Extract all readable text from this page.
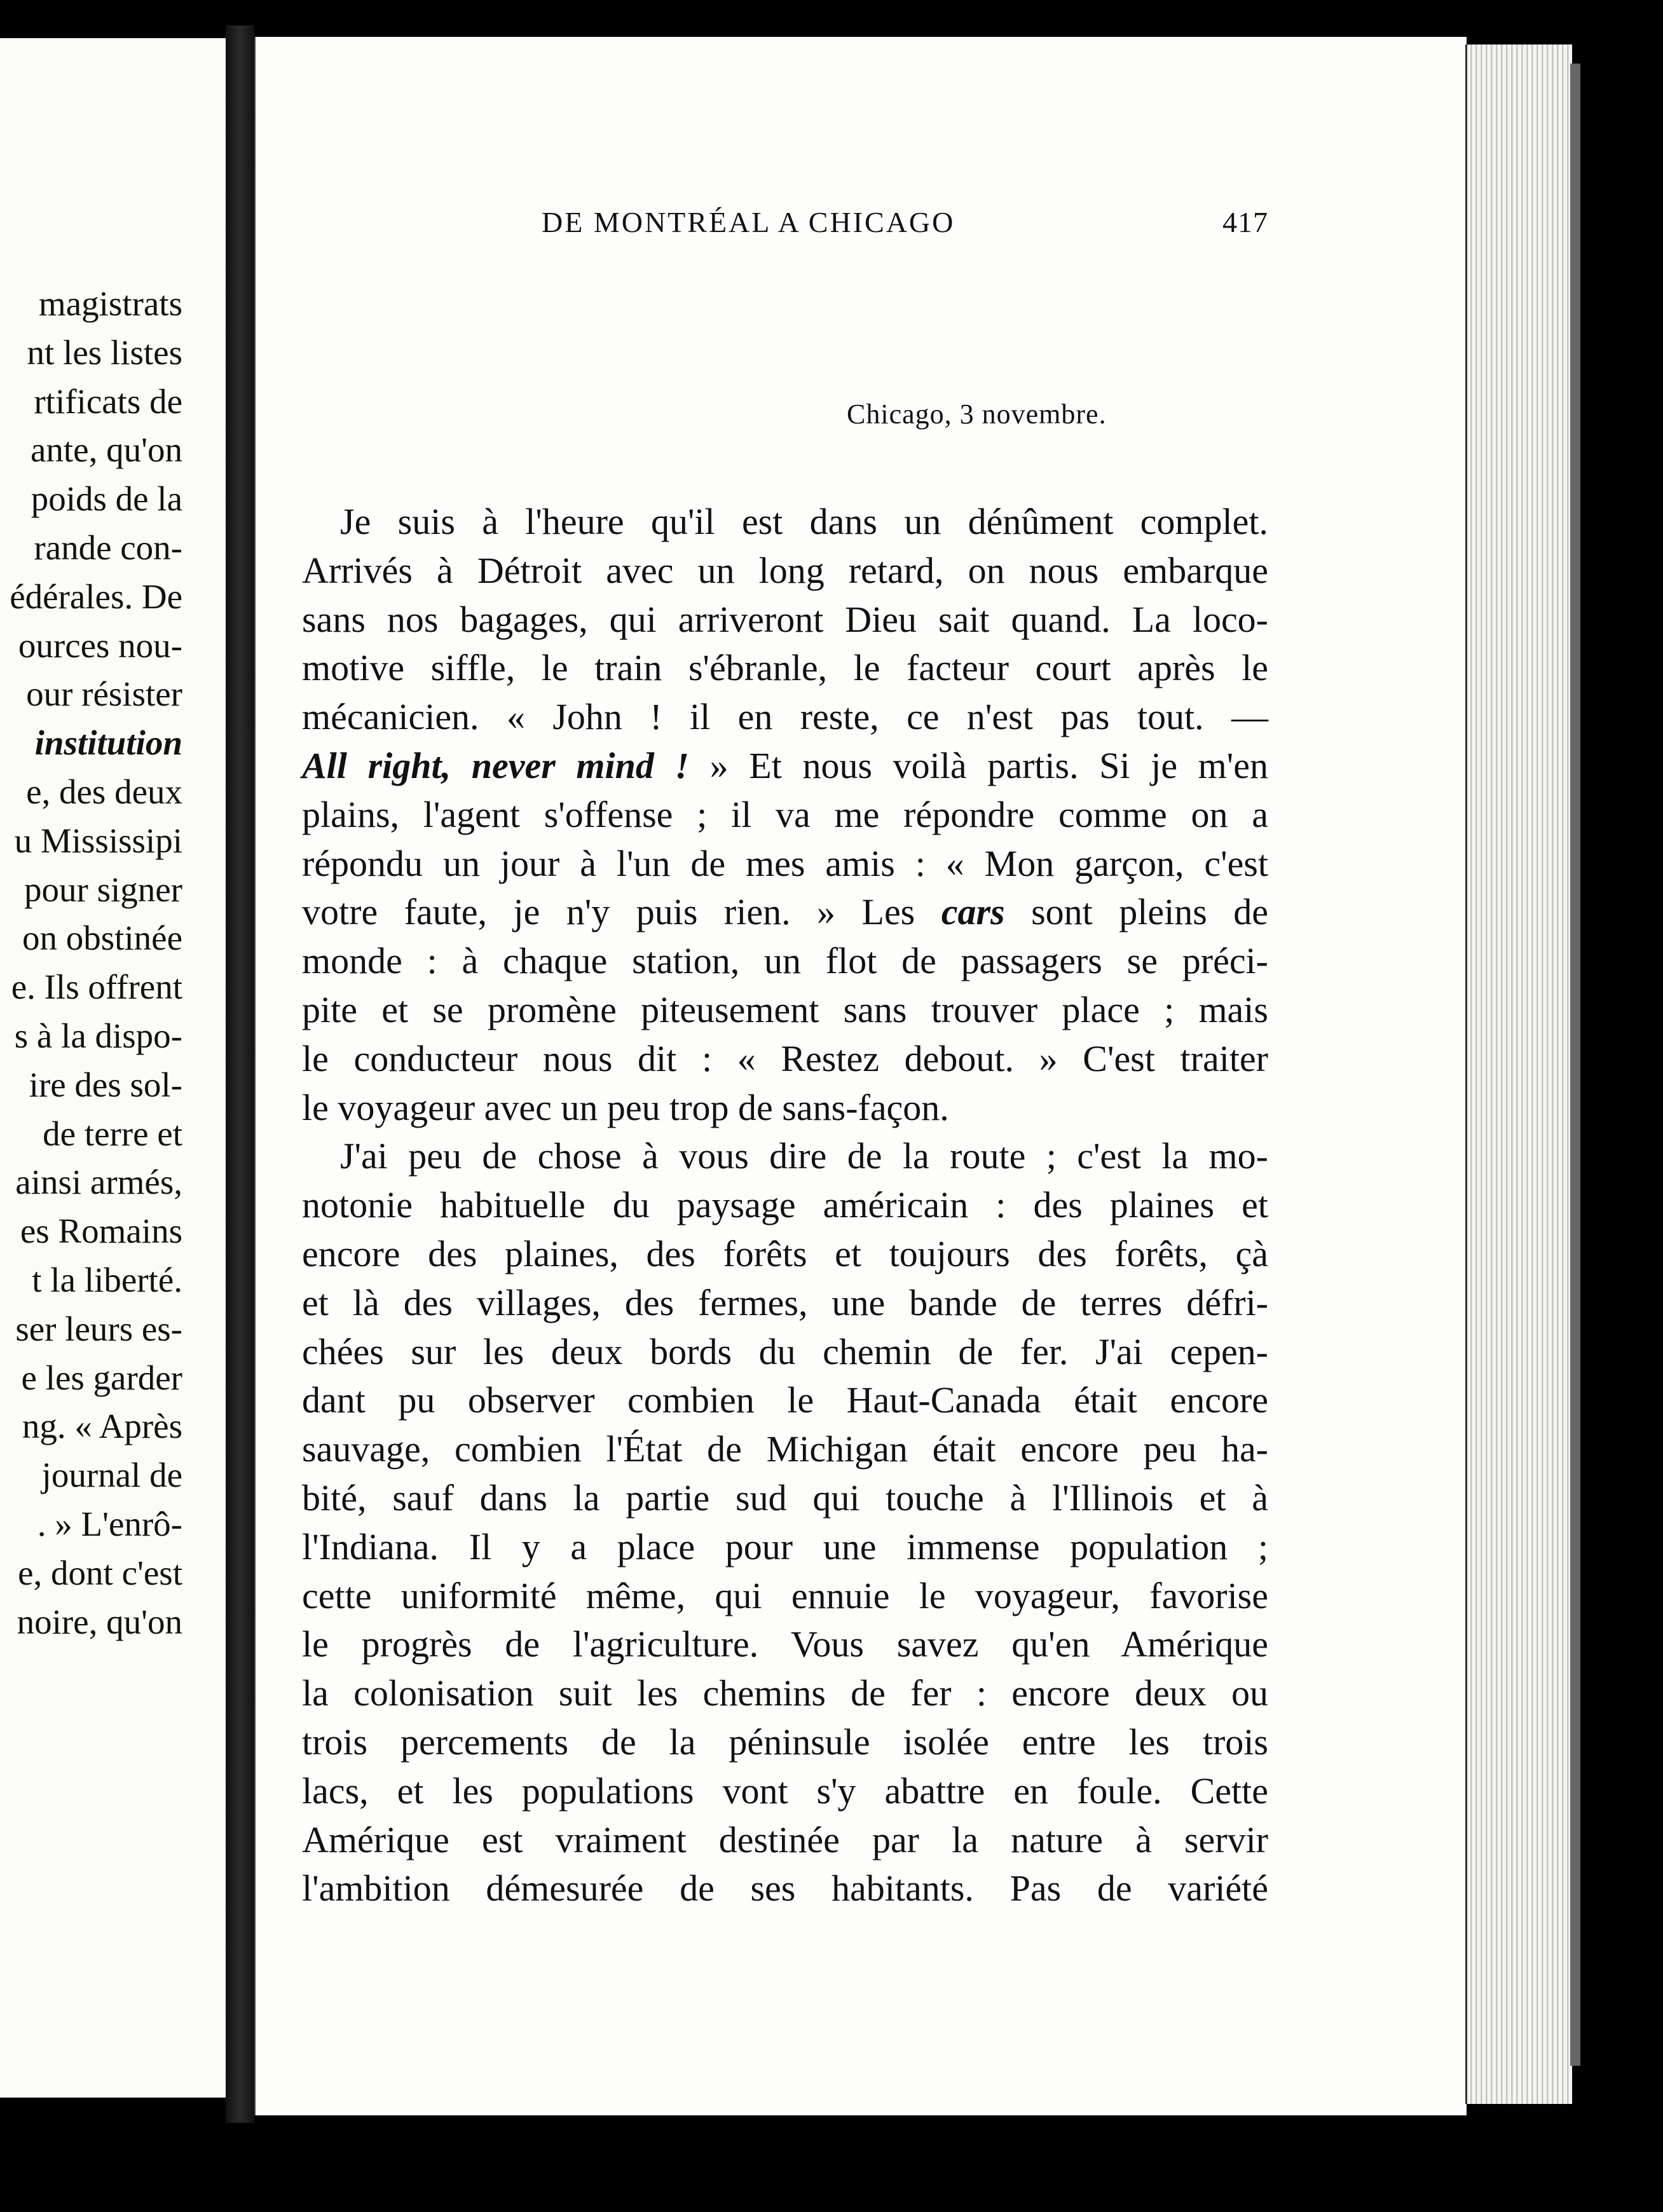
magistrats
nt les listes
rtificats de
ante, qu'on
poids de la
rande con-
édérales. De
ources nou-
our résister
institution
e, des deux
u Mississipi
pour signer
on obstinée
e. Ils offrent
s à la dispo-
ire des sol-
de terre et
ainsi armés,
es Romains
t la liberté.
ser leurs es-
e les garder
ng. « Après
journal de
. » L'enrô-
e, dont c'est
noire, qu'on
DE MONTRÉAL A CHICAGO	417
Chicago, 3 novembre.
Je suis à l'heure qu'il est dans un dénûment complet.
Arrivés à Détroit avec un long retard, on nous embarque
sans nos bagages, qui arriveront Dieu sait quand. La loco-
motive siffle, le train s'ébranle, le facteur court après le
mécanicien. « John ! il en reste, ce n'est pas tout. —
All right, never mind ! » Et nous voilà partis. Si je m'en
plains, l'agent s'offense ; il va me répondre comme on a
répondu un jour à l'un de mes amis : « Mon garçon, c'est
votre faute, je n'y puis rien. » Les cars sont pleins de
monde : à chaque station, un flot de passagers se préci-
pite et se promène piteusement sans trouver place ; mais
le conducteur nous dit : « Restez debout. » C'est traiter
le voyageur avec un peu trop de sans-façon.
J'ai peu de chose à vous dire de la route ; c'est la mo-
notonie habituelle du paysage américain : des plaines et
encore des plaines, des forêts et toujours des forêts, çà
et là des villages, des fermes, une bande de terres défri-
chées sur les deux bords du chemin de fer. J'ai cepen-
dant pu observer combien le Haut-Canada était encore
sauvage, combien l'État de Michigan était encore peu ha-
bité, sauf dans la partie sud qui touche à l'Illinois et à
l'Indiana. Il y a place pour une immense population ;
cette uniformité même, qui ennuie le voyageur, favorise
le progrès de l'agriculture. Vous savez qu'en Amérique
la colonisation suit les chemins de fer : encore deux ou
trois percements de la péninsule isolée entre les trois
lacs, et les populations vont s'y abattre en foule. Cette
Amérique est vraiment destinée par la nature à servir
l'ambition démesurée de ses habitants. Pas de variété
